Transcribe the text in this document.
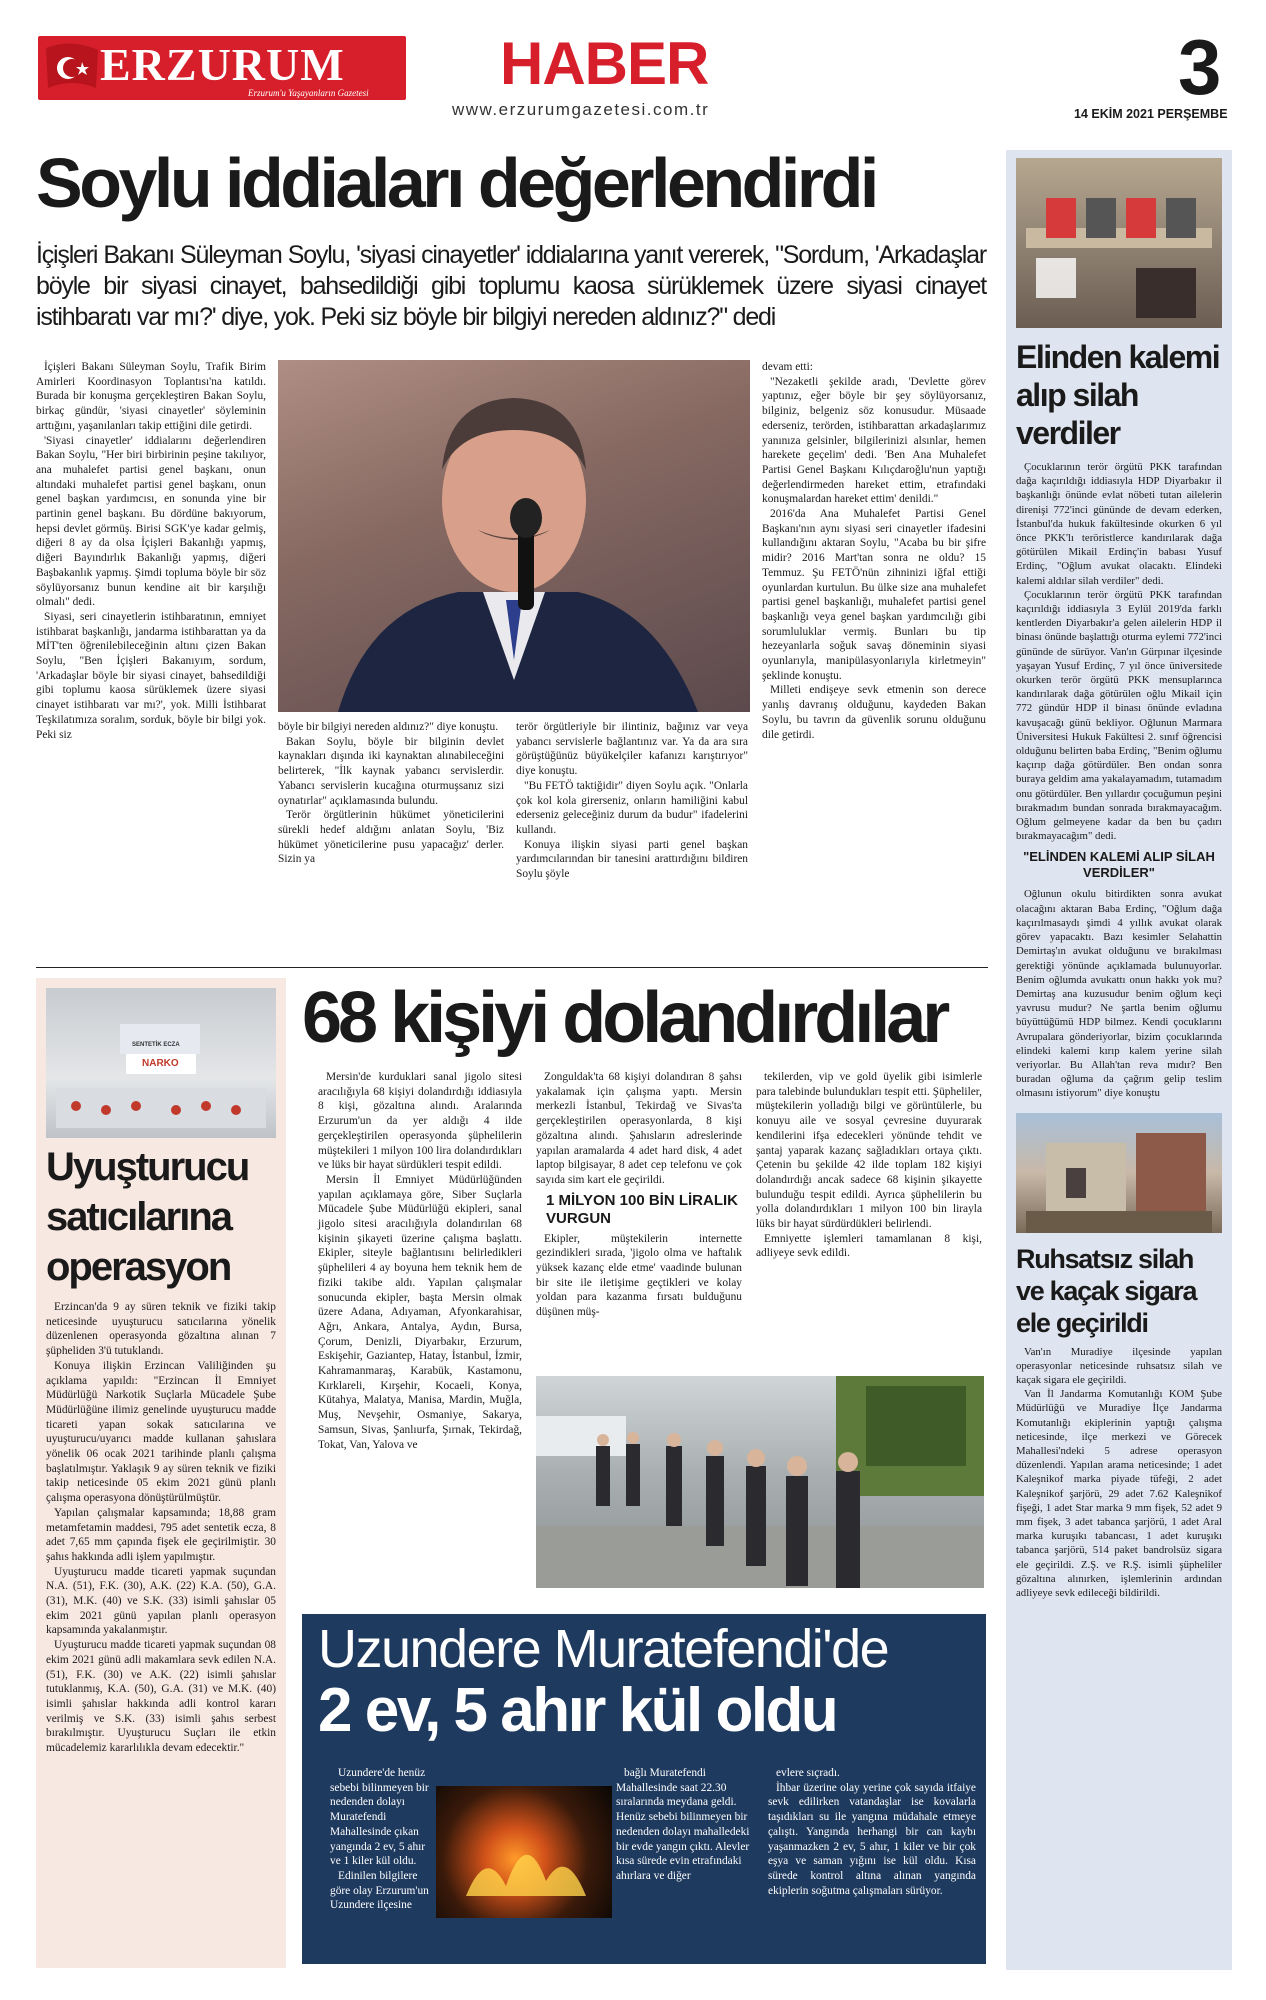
ERZURUM
Erzurum'u Yaşayanların Gazetesi HABER
www.erzurumgazetesi.com.tr	3
14 EKİM 2021 PERŞEMBE
Soylu iddiaları değerlendirdi
İçişleri Bakanı Süleyman Soylu, 'siyasi cinayetler' iddialarına yanıt vererek, "Sordum, 'Arkadaşlar böyle bir siyasi cinayet, bahsedildiği gibi toplumu kaosa sürüklemek üzere siyasi cinayet istihbaratı var mı?' diye, yok. Peki siz böyle bir bilgiyi nereden aldınız?" dedi

İçişleri Bakanı Süleyman Soylu, Trafik Birim Amirleri Koordinasyon Toplantısı'na katıldı. Burada bir konuşma gerçekleştiren Bakan Soylu, birkaç gündür, 'siyasi cinayetler' söyleminin arttığını, yaşanılanları takip ettiğini dile getirdi.

'Siyasi cinayetler' iddialarını değerlendiren Bakan Soylu, "Her biri birbirinin peşine takılıyor, ana muhalefet partisi genel başkanı, onun altındaki muhalefet partisi genel başkanı, onun genel başkan yardımcısı, en sonunda yine bir partinin genel başkanı. Bu dördüne bakıyorum, hepsi devlet görmüş. Birisi SGK'ye kadar gelmiş, diğeri 8 ay da olsa İçişleri Bakanlığı yapmış, diğeri Bayındırlık Bakanlığı yapmış, diğeri Başbakanlık yapmış. Şimdi topluma böyle bir söz söylüyorsanız bunun kendine ait bir karşılığı olmalı" dedi.

Siyasi, seri cinayetlerin istihbaratının, emniyet istihbarat başkanlığı, jandarma istihbarattan ya da MİT'ten öğrenilebileceğinin altını çizen Bakan Soylu, "Ben İçişleri Bakanıyım, sordum, 'Arkadaşlar böyle bir siyasi cinayet, bahsedildiği gibi toplumu kaosa sürüklemek üzere siyasi cinayet istihbaratı var mı?', yok. Milli İstihbarat Teşkilatımıza soralım, sorduk, böyle bir bilgi yok. Peki siz

böyle bir bilgiyi nereden aldınız?" diye konuştu.

Bakan Soylu, böyle bir bilginin devlet kaynakları dışında iki kaynaktan alınabileceğini belirterek, "İlk kaynak yabancı servislerdir. Yabancı servislerin kucağına oturmuşsanız sizi oynatırlar" açıklamasında bulundu.

Terör örgütlerinin hükümet yöneticilerini sürekli hedef aldığını anlatan Soylu, 'Biz hükümet yöneticilerine pusu yapacağız' derler. Sizin ya

terör örgütleriyle bir ilintiniz, bağınız var veya yabancı servislerle bağlantınız var. Ya da ara sıra görüştüğünüz büyükelçiler kafanızı karıştırıyor" diye konuştu.

"Bu FETÖ taktiğidir" diyen Soylu açık. "Onlarla çok kol kola girerseniz, onların hamiliğini kabul ederseniz geleceğiniz durum da budur" ifadelerini kullandı.

Konuya ilişkin siyasi parti genel başkan yardımcılarından bir tanesini arattırdığını bildiren Soylu şöyle

devam etti:

"Nezaketli şekilde aradı, 'Devlette görev yaptınız, eğer böyle bir şey söylüyorsanız, bilginiz, belgeniz söz konusudur. Müsaade ederseniz, terörden, istihbarattan arkadaşlarımız yanınıza gelsinler, bilgilerinizi alsınlar, hemen harekete geçelim' dedi. 'Ben Ana Muhalefet Partisi Genel Başkanı Kılıçdaroğlu'nun yaptığı değerlendirmeden hareket ettim, etrafındaki konuşmalardan hareket ettim' denildi."

2016'da Ana Muhalefet Partisi Genel Başkanı'nın aynı siyasi seri cinayetler ifadesini kullandığını aktaran Soylu, "Acaba bu bir şifre midir? 2016 Mart'tan sonra ne oldu? 15 Temmuz. Şu FETÖ'nün zihninizi iğfal ettiği oyunlardan kurtulun. Bu ülke size ana muhalefet partisi genel başkanlığı, muhalefet partisi genel başkanlığı veya genel başkan yardımcılığı gibi sorumluluklar vermiş. Bunları bu tip hezeyanlarla soğuk savaş döneminin siyasi oyunlarıyla, manipülasyonlarıyla kirletmeyin" şeklinde konuştu.

Milleti endişeye sevk etmenin son derece yanlış davranış olduğunu, kaydeden Bakan Soylu, bu tavrın da güvenlik sorunu olduğunu dile getirdi.

Elinden kalemi alıp silah verdiler

Çocuklarının terör örgütü PKK tarafından dağa kaçırıldığı iddiasıyla HDP Diyarbakır il başkanlığı önünde evlat nöbeti tutan ailelerin direnişi 772'inci gününde de devam ederken, İstanbul'da hukuk fakültesinde okurken 6 yıl önce PKK'lı teröristlerce kandırılarak dağa götürülen Mikail Erdinç'in babası Yusuf Erdinç, "Oğlum avukat olacaktı. Elindeki kalemi aldılar silah verdiler" dedi.

Çocuklarının terör örgütü PKK tarafından kaçırıldığı iddiasıyla 3 Eylül 2019'da farklı kentlerden Diyarbakır'a gelen ailelerin HDP il binası önünde başlattığı oturma eylemi 772'inci gününde de sürüyor. Van'ın Gürpınar ilçesinde yaşayan Yusuf Erdinç, 7 yıl önce üniversitede okurken terör örgütü PKK mensuplarınca kandırılarak dağa götürülen oğlu Mikail için 772 gündür HDP il binası önünde evladına kavuşacağı günü bekliyor. Oğlunun Marmara Üniversitesi Hukuk Fakültesi 2. sınıf öğrencisi olduğunu belirten baba Erdinç, "Benim oğlumu kaçırıp dağa götürdüler. Ben ondan sonra buraya geldim ama yakalayamadım, tutamadım onu götürdüler. Ben yıllardır çocuğumun peşini bırakmadım bundan sonrada bırakmayacağım. Oğlum gelmeyene kadar da ben bu çadırı bırakmayacağım" dedi.

"ELİNDEN KALEMİ ALIP SİLAH VERDİLER"

Oğlunun okulu bitirdikten sonra avukat olacağını aktaran Baba Erdinç, "Oğlum dağa kaçırılmasaydı şimdi 4 yıllık avukat olarak görev yapacaktı. Bazı kesimler Selahattin Demirtaş'ın avukat olduğunu ve bırakılması gerektiği yönünde açıklamada bulunuyorlar. Benim oğlumda avukattı onun hakkı yok mu? Demirtaş ana kuzusudur benim oğlum keçi yavrusu mudur? Ne şartla benim oğlumu büyüttüğümü HDP bilmez. Kendi çocuklarını Avrupalara gönderiyorlar, bizim çocuklarında elindeki kalemi kırıp kalem yerine silah veriyorlar. Bu Allah'tan reva mıdır? Ben buradan oğluma da çağrım gelip teslim olmasını istiyorum" diye konuştu

Ruhsatsız silah ve kaçak sigara ele geçirildi

Van'ın Muradiye ilçesinde yapılan operasyonlar neticesinde ruhsatsız silah ve kaçak sigara ele geçirildi.

Van İl Jandarma Komutanlığı KOM Şube Müdürlüğü ve Muradiye İlçe Jandarma Komutanlığı ekiplerinin yaptığı çalışma neticesinde, ilçe merkezi ve Görecek Mahallesi'ndeki 5 adrese operasyon düzenlendi. Yapılan arama neticesinde; 1 adet Kaleşnikof marka piyade tüfeği, 2 adet Kaleşnikof şarjörü, 29 adet 7.62 Kaleşnikof fişeği, 1 adet Star marka 9 mm fişek, 52 adet 9 mm fişek, 3 adet tabanca şarjörü, 1 adet Aral marka kuruşıkı tabancası, 1 adet kuruşıkı tabanca şarjörü, 514 paket bandrolsüz sigara ele geçirildi. Z.Ş. ve R.Ş. isimli şüpheliler gözaltına alınırken, işlemlerinin ardından adliyeye sevk edileceği bildirildi.

SENTETİK ECZA
NARKO
Uyuşturucu satıcılarına operasyon

Erzincan'da 9 ay süren teknik ve fiziki takip neticesinde uyuşturucu satıcılarına yönelik düzenlenen operasyonda gözaltına alınan 7 şüpheliden 3'ü tutuklandı.

Konuya ilişkin Erzincan Valiliğinden şu açıklama yapıldı: "Erzincan İl Emniyet Müdürlüğü Narkotik Suçlarla Mücadele Şube Müdürlüğüne ilimiz genelinde uyuşturucu madde ticareti yapan sokak satıcılarına ve uyuşturucu/uyarıcı madde kullanan şahıslara yönelik 06 ocak 2021 tarihinde planlı çalışma başlatılmıştır. Yaklaşık 9 ay süren teknik ve fiziki takip neticesinde 05 ekim 2021 günü planlı çalışma operasyona dönüştürülmüştür.

Yapılan çalışmalar kapsamında; 18,88 gram metamfetamin maddesi, 795 adet sentetik ecza, 8 adet 7,65 mm çapında fişek ele geçirilmiştir. 30 şahıs hakkında adli işlem yapılmıştır.

Uyuşturucu madde ticareti yapmak suçundan N.A. (51), F.K. (30), A.K. (22) K.A. (50), G.A. (31), M.K. (40) ve S.K. (33) isimli şahıslar 05 ekim 2021 günü yapılan planlı operasyon kapsamında yakalanmıştır.

Uyuşturucu madde ticareti yapmak suçundan 08 ekim 2021 günü adli makamlara sevk edilen N.A. (51), F.K. (30) ve A.K. (22) isimli şahıslar tutuklanmış, K.A. (50), G.A. (31) ve M.K. (40) isimli şahıslar hakkında adli kontrol kararı verilmiş ve S.K. (33) isimli şahıs serbest bırakılmıştır. Uyuşturucu Suçları ile etkin mücadelemiz kararlılıkla devam edecektir."

68 kişiyi dolandırdılar

Mersin'de kurduklari sanal jigolo sitesi aracılığıyla 68 kişiyi dolandırdığı iddiasıyla 8 kişi, gözaltına alındı. Aralarında Erzurum'un da yer aldığı 4 ilde gerçekleştirilen operasyonda şüphelilerin müştekileri 1 milyon 100 lira dolandırdıkları ve lüks bir hayat sürdükleri tespit edildi.

Mersin İl Emniyet Müdürlüğünden yapılan açıklamaya göre, Siber Suçlarla Mücadele Şube Müdürlüğü ekipleri, sanal jigolo sitesi aracılığıyla dolandırılan 68 kişinin şikayeti üzerine çalışma başlattı. Ekipler, siteyle bağlantısını belirledikleri şüphelileri 4 ay boyuna hem teknik hem de fiziki takibe aldı. Yapılan çalışmalar sonucunda ekipler, başta Mersin olmak üzere Adana, Adıyaman, Afyonkarahisar, Ağrı, Ankara, Antalya, Aydın, Bursa, Çorum, Denizli, Diyarbakır, Erzurum, Eskişehir, Gaziantep, Hatay, İstanbul, İzmir, Kahramanmaraş, Karabük, Kastamonu, Kırklareli, Kırşehir, Kocaeli, Konya, Kütahya, Malatya, Manisa, Mardin, Muğla, Muş, Nevşehir, Osmaniye, Sakarya, Samsun, Sivas, Şanlıurfa, Şırnak, Tekirdağ, Tokat, Van, Yalova ve

Zonguldak'ta 68 kişiyi dolandıran 8 şahsı yakalamak için çalışma yaptı. Mersin merkezli İstanbul, Tekirdağ ve Sivas'ta gerçekleştirilen operasyonlarda, 8 kişi gözaltına alındı. Şahısların adreslerinde yapılan aramalarda 4 adet hard disk, 4 adet laptop bilgisayar, 8 adet cep telefonu ve çok sayıda sim kart ele geçirildi.

1 MİLYON 100 BİN LİRALIK VURGUN

Ekipler, müştekilerin internette gezindikleri sırada, 'jigolo olma ve haftalık yüksek kazanç elde etme' vaadinde bulunan bir site ile iletişime geçtikleri ve kolay yoldan para kazanma fırsatı bulduğunu düşünen müş-

tekilerden, vip ve gold üyelik gibi isimlerle para talebinde bulundukları tespit etti. Şüpheliler, müştekilerin yolladığı bilgi ve görüntülerle, bu konuyu aile ve sosyal çevresine duyurarak kendilerini ifşa edecekleri yönünde tehdit ve şantaj yaparak kazanç sağladıkları ortaya çıktı. Çetenin bu şekilde 42 ilde toplam 182 kişiyi dolandırdığı ancak sadece 68 kişinin şikayette bulunduğu tespit edildi. Ayrıca şüphelilerin bu yolla dolandırdıkları 1 milyon 100 bin lirayla lüks bir hayat sürdürdükleri belirlendi.

Emniyette işlemleri tamamlanan 8 kişi, adliyeye sevk edildi.

Uzundere Muratefendi'de
2 ev, 5 ahır kül oldu

Uzundere'de henüz sebebi bilinmeyen bir nedenden dolayı Muratefendi Mahallesinde çıkan yangında 2 ev, 5 ahır ve 1 kiler kül oldu.

Edinilen bilgilere göre olay Erzurum'un Uzundere ilçesine

bağlı Muratefendi Mahallesinde saat 22.30 sıralarında meydana geldi. Henüz sebebi bilinmeyen bir nedenden dolayı mahalledeki bir evde yangın çıktı. Alevler kısa sürede evin etrafındaki ahırlara ve diğer

evlere sıçradı.

İhbar üzerine olay yerine çok sayıda itfaiye sevk edilirken vatandaşlar ise kovalarla taşıdıkları su ile yangına müdahale etmeye çalıştı. Yangında herhangi bir can kaybı yaşanmazken 2 ev, 5 ahır, 1 kiler ve bir çok eşya ve saman yığını ise kül oldu. Kısa sürede kontrol altına alınan yangında ekiplerin soğutma çalışmaları sürüyor.
